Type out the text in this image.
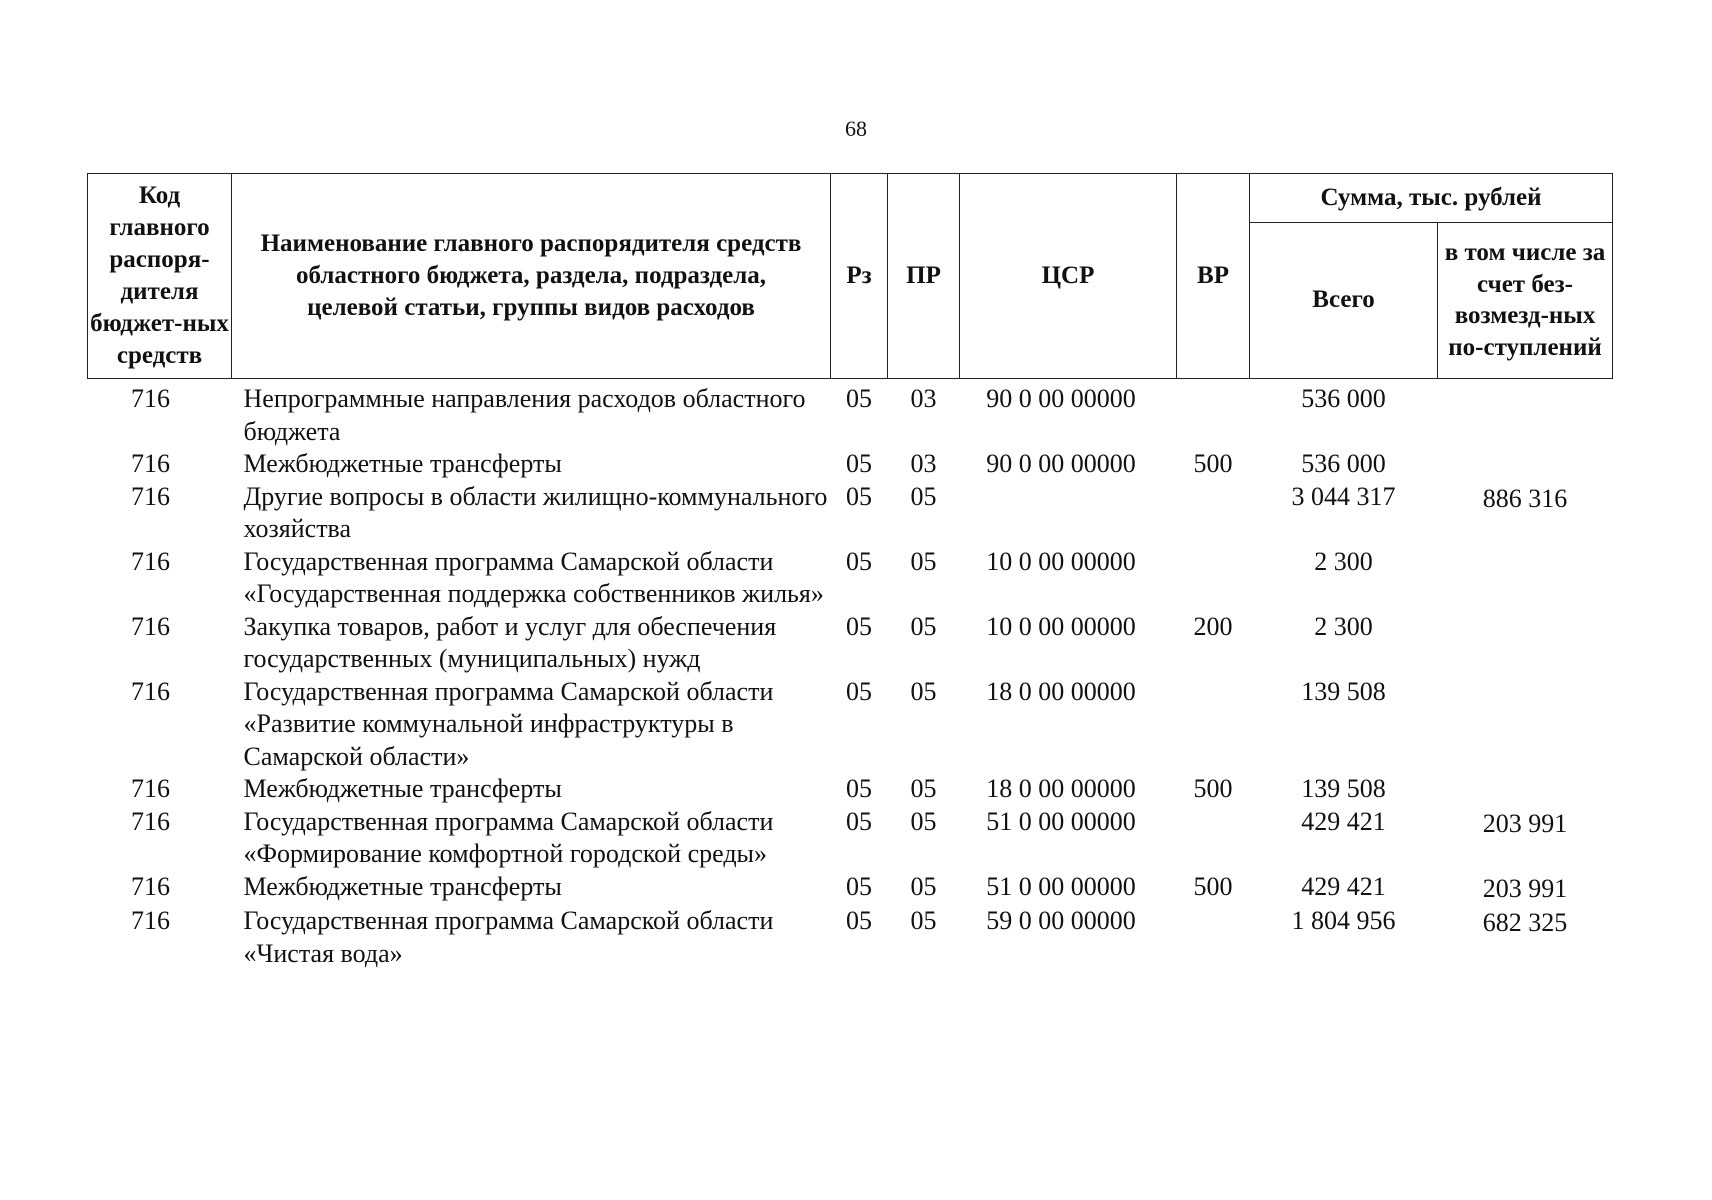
68
Код главного распоря-дителя бюджет-ных средств	Наименование главного распорядителя средств областного бюджета, раздела, подраздела, целевой статьи, группы видов расходов	Рз	ПР	ЦСР	ВР	Сумма, тыс. рублей	
						Всего	в том числе за счет без-возмезд-ных по-ступлений
716	Непрограммные направления расходов областного бюджета	05	03	90 0 00 00000		536 000	
716	Межбюджетные трансферты	05	03	90 0 00 00000	500	536 000	
716	Другие вопросы в области жилищно-коммунального хозяйства	05	05			3 044 317	886 316
716	Государственная программа Самарской области «Государственная поддержка собственников жилья»	05	05	10 0 00 00000		2 300	
716	Закупка товаров, работ и услуг для обеспечения государственных (муниципальных) нужд	05	05	10 0 00 00000	200	2 300	
716	Государственная программа Самарской области «Развитие коммунальной инфраструктуры в Самарской области»	05	05	18 0 00 00000		139 508	
716	Межбюджетные трансферты	05	05	18 0 00 00000	500	139 508	
716	Государственная программа Самарской области «Формирование комфортной городской среды»	05	05	51 0 00 00000		429 421	203 991
716	Межбюджетные трансферты	05	05	51 0 00 00000	500	429 421	203 991
716	Государственная программа Самарской области «Чистая вода»	05	05	59 0 00 00000		1 804 956	682 325
